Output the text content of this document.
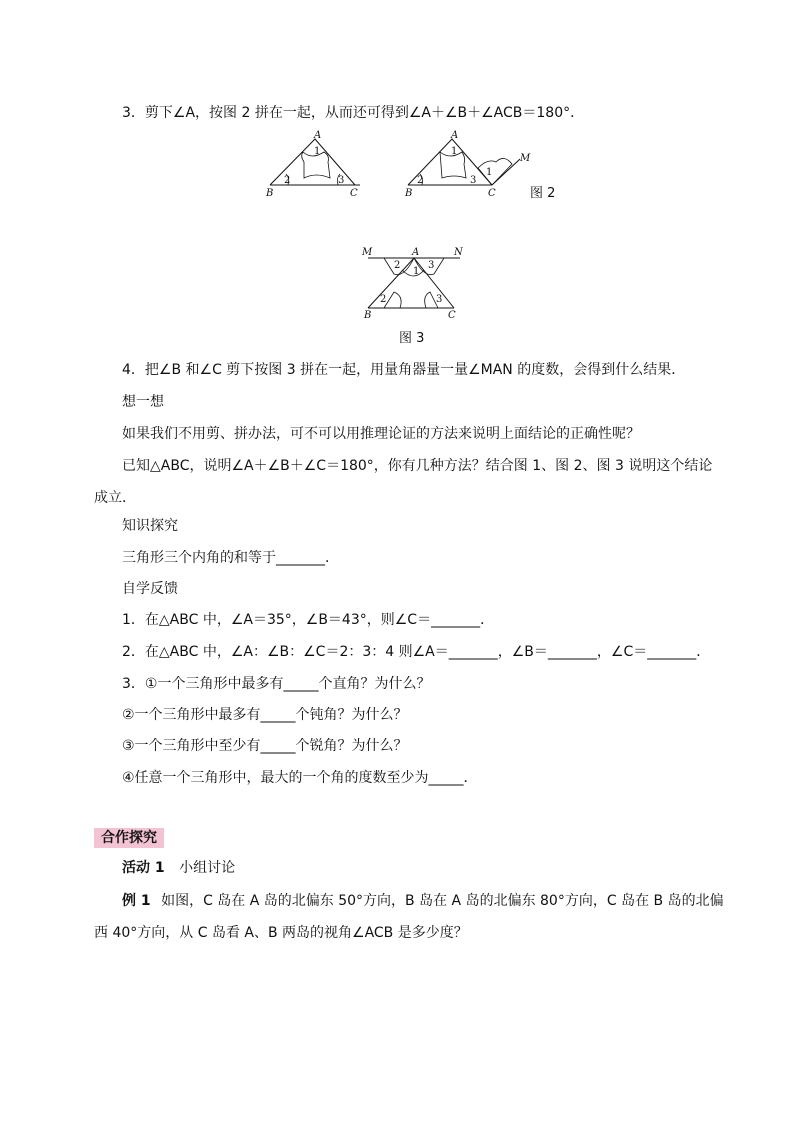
3．剪下∠A，按图 2 拼在一起，从而还可得到∠A＋∠B＋∠ACB＝180°．
A
1
2	3
B	C
A
1
1
2	3
B	C
M
图 2
M	A	N
2
1
3
2	3
B	C
图 3
4．把∠B 和∠C 剪下按图 3 拼在一起，用量角器量一量∠MAN 的度数，会得到什么结果．
想一想
如果我们不用剪、拼办法，可不可以用推理论证的方法来说明上面结论的正确性呢？
已知△ABC，说明∠A＋∠B＋∠C＝180°，你有几种方法？结合图 1、图 2、图 3 说明这个结论
成立．
知识探究
三角形三个内角的和等于_______．
自学反馈
1．在△ABC 中，∠A＝35°，∠B＝43°，则∠C＝_______．
2．在△ABC 中，∠A：∠B：∠C＝2：3：4 则∠A＝_______，∠B＝_______，∠C＝_______．
3．①一个三角形中最多有_____个直角？为什么？
②一个三角形中最多有_____个钝角？为什么？
③一个三角形中至少有_____个锐角？为什么？
④任意一个三角形中，最大的一个角的度数至少为_____．
合作探究
活动 1 小组讨论
例 1 如图，C 岛在 A 岛的北偏东 50°方向，B 岛在 A 岛的北偏东 80°方向，C 岛在 B 岛的北偏
西 40°方向，从 C 岛看 A、B 两岛的视角∠ACB 是多少度？
